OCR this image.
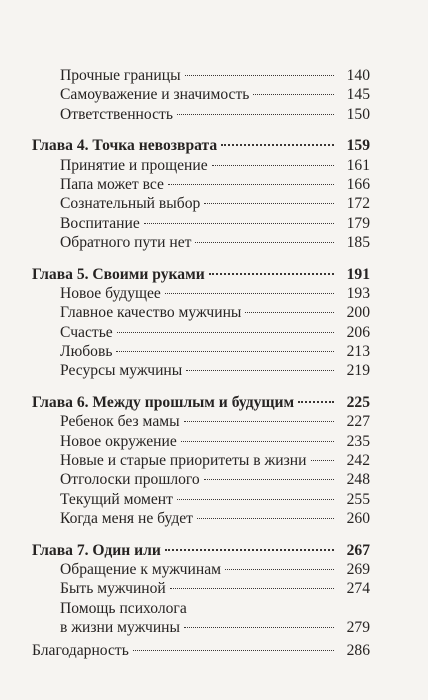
Прочные границы	140
Самоуважение и значимость	145
Ответственность	150
Глава 4. Точка невозврата	159
Принятие и прощение	161
Папа может все	166
Сознательный выбор	172
Воспитание	179
Обратного пути нет	185
Глава 5. Своими руками	191
Новое будущее	193
Главное качество мужчины	200
Счастье	206
Любовь	213
Ресурсы мужчины	219
Глава 6. Между прошлым и будущим	225
Ребенок без мамы	227
Новое окружение	235
Новые и старые приоритеты в жизни	242
Отголоски прошлого	248
Текущий момент	255
Когда меня не будет	260
Глава 7. Один или	267
Обращение к мужчинам	269
Быть мужчиной	274
Помощь психолога
в жизни мужчины	279
Благодарность	286
